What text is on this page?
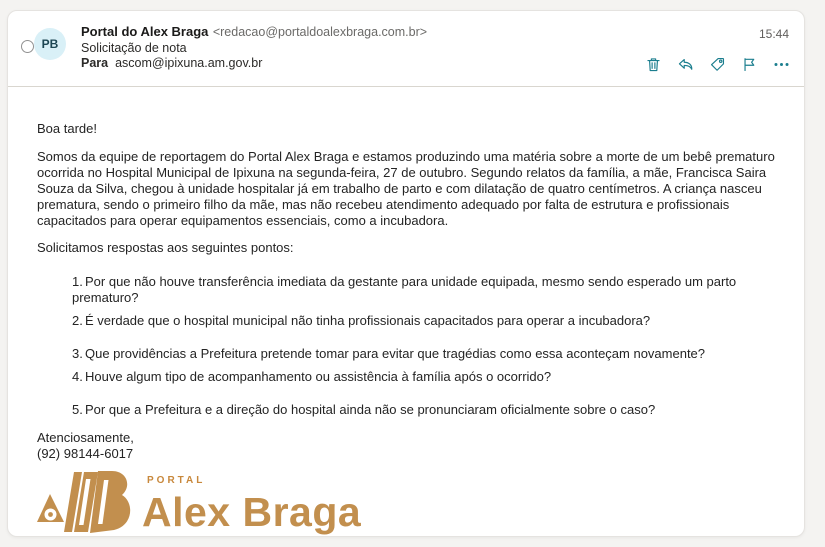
PB
Portal do Alex Braga <redacao@portaldoalexbraga.com.br>
Solicitação de nota
Para ascom@ipixuna.am.gov.br
15:44

Boa tarde!

Somos da equipe de reportagem do Portal Alex Braga e estamos produzindo uma matéria sobre a morte de um bebê prematuro ocorrida no Hospital Municipal de Ipixuna na segunda-feira, 27 de outubro. Segundo relatos da família, a mãe, Francisca Saira Souza da Silva, chegou à unidade hospitalar já em trabalho de parto e com dilatação de quatro centímetros. A criança nasceu prematura, sendo o primeiro filho da mãe, mas não recebeu atendimento adequado por falta de estrutura e profissionais capacitados para operar equipamentos essenciais, como a incubadora.

Solicitamos respostas aos seguintes pontos:

1. Por que não houve transferência imediata da gestante para unidade equipada, mesmo sendo esperado um parto prematuro?
2. É verdade que o hospital municipal não tinha profissionais capacitados para operar a incubadora?
3. Que providências a Prefeitura pretende tomar para evitar que tragédias como essa aconteçam novamente?
4. Houve algum tipo de acompanhamento ou assistência à família após o ocorrido?
5. Por que a Prefeitura e a direção do hospital ainda não se pronunciaram oficialmente sobre o caso?

Atenciosamente,

(92) 98144-6017

PORTAL
Alex Braga
